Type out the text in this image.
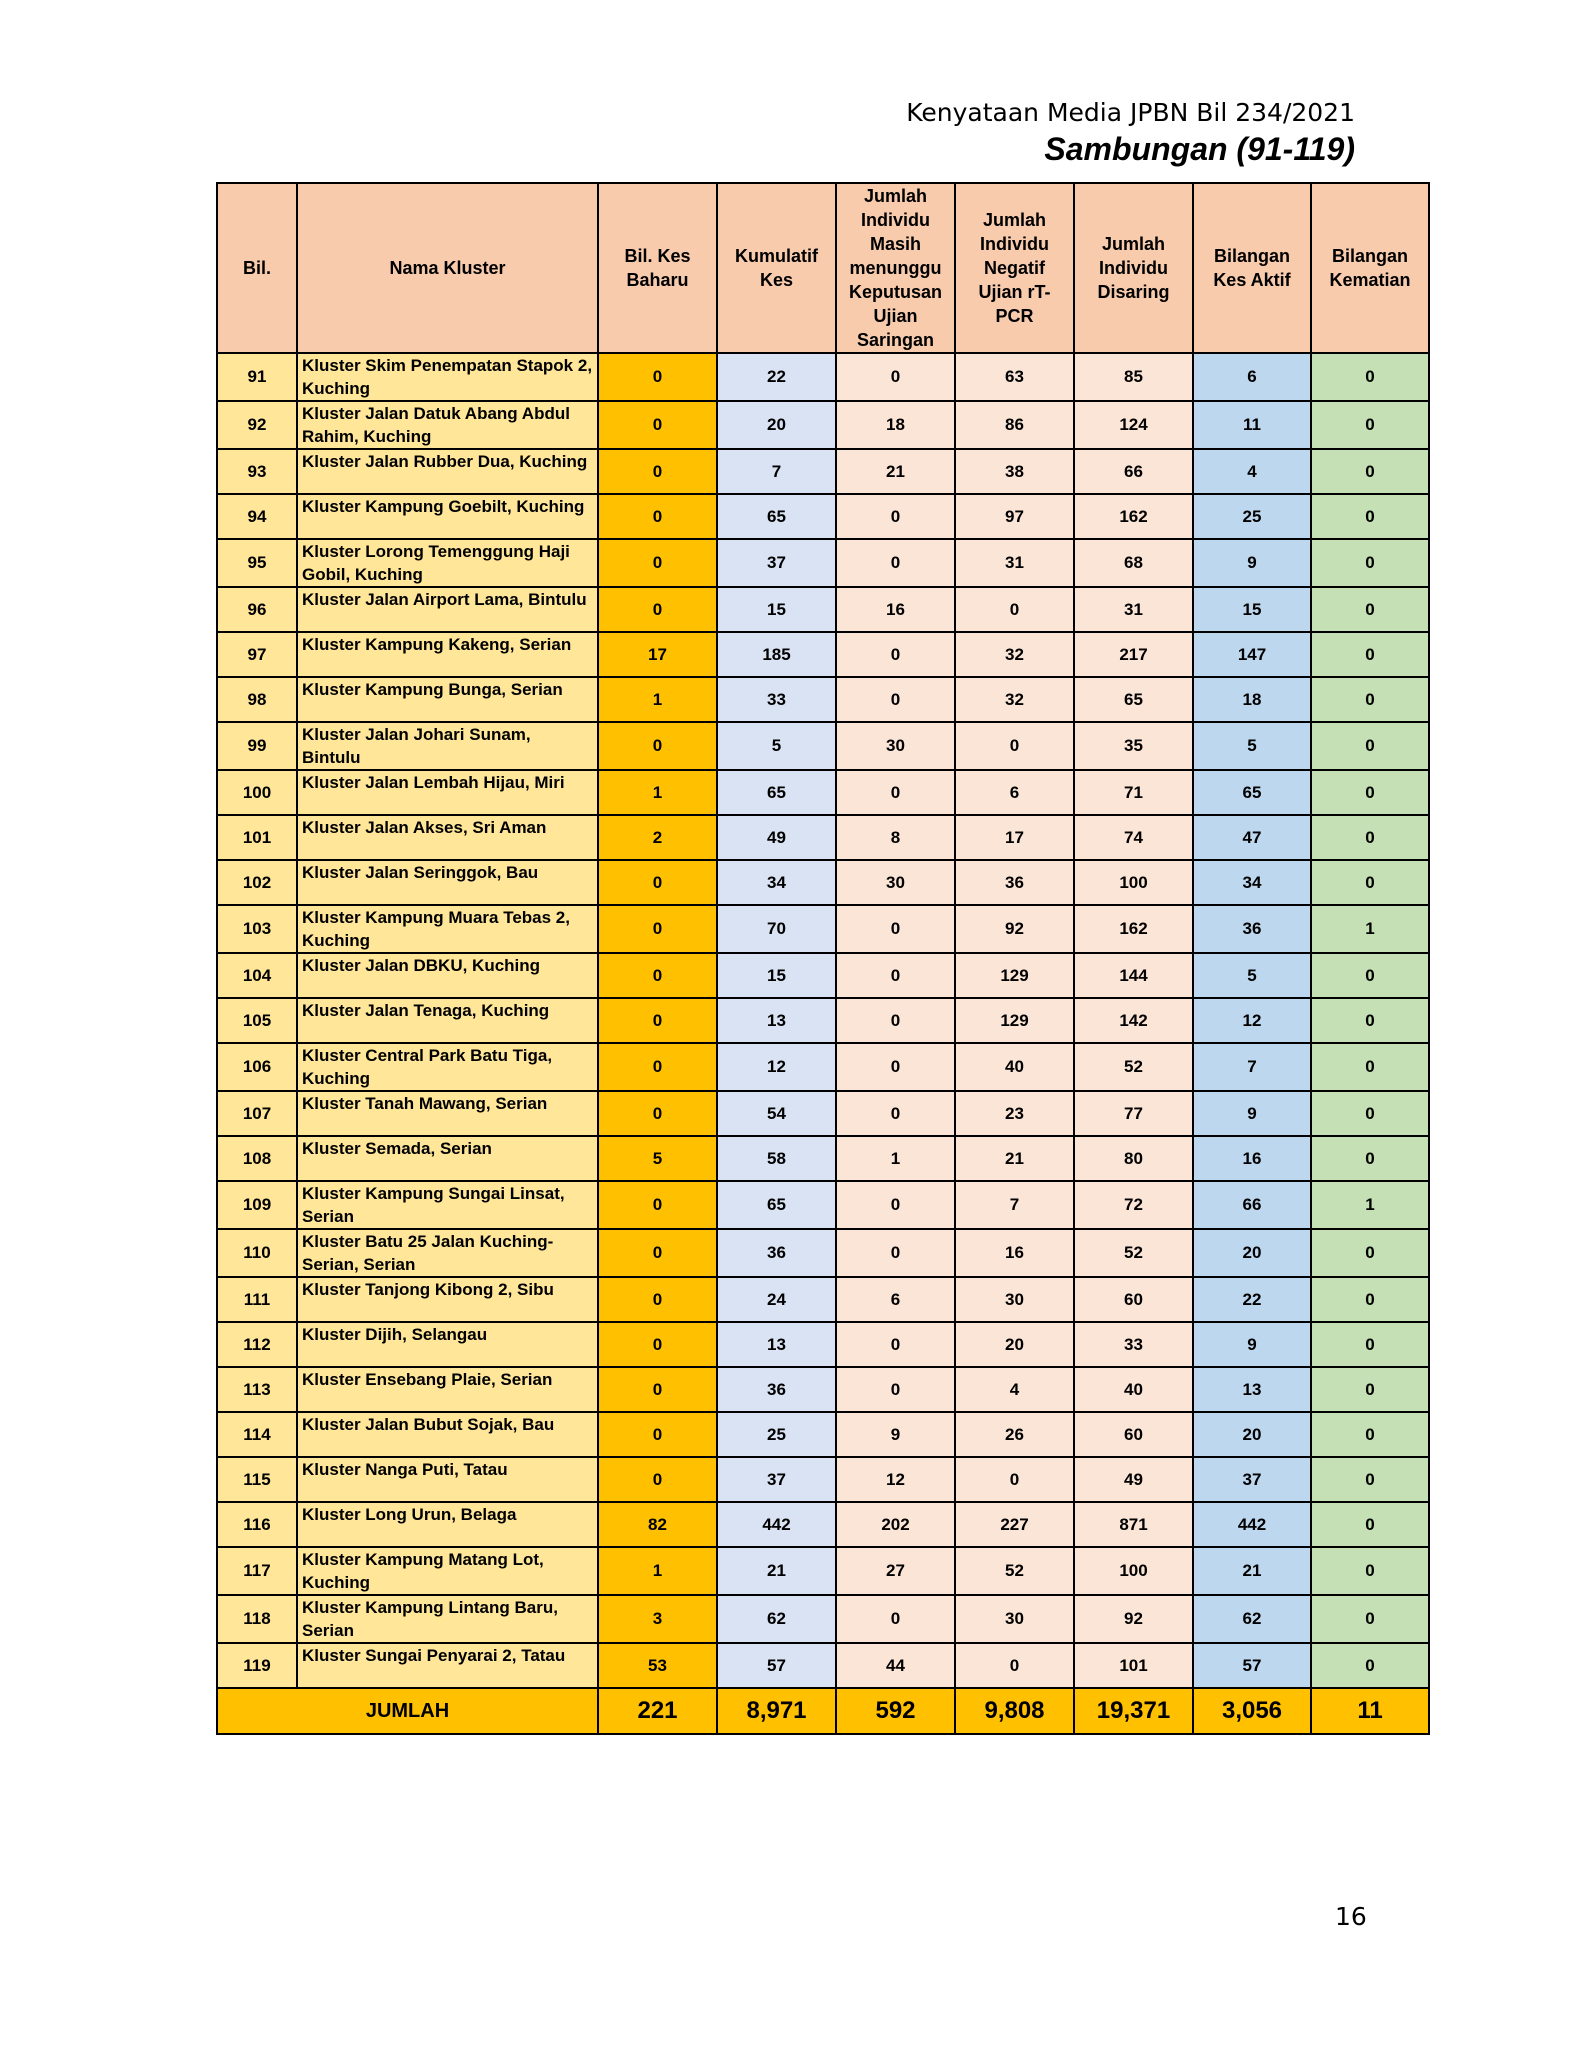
Kenyataan Media JPBN Bil 234/2021
Sambungan (91-119)
Bil.	Nama Kluster	Bil. Kes Baharu	Kumulatif Kes	Jumlah Individu Masih menunggu Keputusan Ujian Saringan	Jumlah Individu Negatif Ujian rT-PCR	Jumlah Individu Disaring	Bilangan Kes Aktif	Bilangan Kematian
91	Kluster Skim Penempatan Stapok 2, Kuching	0	22	0	63	85	6	0
92	Kluster Jalan Datuk Abang Abdul Rahim, Kuching	0	20	18	86	124	11	0
93	Kluster Jalan Rubber Dua, Kuching	0	7	21	38	66	4	0
94	Kluster Kampung Goebilt, Kuching	0	65	0	97	162	25	0
95	Kluster Lorong Temenggung Haji Gobil, Kuching	0	37	0	31	68	9	0
96	Kluster Jalan Airport Lama, Bintulu	0	15	16	0	31	15	0
97	Kluster Kampung Kakeng, Serian	17	185	0	32	217	147	0
98	Kluster Kampung Bunga, Serian	1	33	0	32	65	18	0
99	Kluster Jalan Johari Sunam, Bintulu	0	5	30	0	35	5	0
100	Kluster Jalan Lembah Hijau, Miri	1	65	0	6	71	65	0
101	Kluster Jalan Akses, Sri Aman	2	49	8	17	74	47	0
102	Kluster Jalan Seringgok, Bau	0	34	30	36	100	34	0
103	Kluster Kampung Muara Tebas 2, Kuching	0	70	0	92	162	36	1
104	Kluster Jalan DBKU, Kuching	0	15	0	129	144	5	0
105	Kluster Jalan Tenaga, Kuching	0	13	0	129	142	12	0
106	Kluster Central Park Batu Tiga, Kuching	0	12	0	40	52	7	0
107	Kluster Tanah Mawang, Serian	0	54	0	23	77	9	0
108	Kluster Semada, Serian	5	58	1	21	80	16	0
109	Kluster Kampung Sungai Linsat, Serian	0	65	0	7	72	66	1
110	Kluster Batu 25 Jalan Kuching-Serian, Serian	0	36	0	16	52	20	0
111	Kluster Tanjong Kibong 2, Sibu	0	24	6	30	60	22	0
112	Kluster Dijih, Selangau	0	13	0	20	33	9	0
113	Kluster Ensebang Plaie, Serian	0	36	0	4	40	13	0
114	Kluster Jalan Bubut Sojak, Bau	0	25	9	26	60	20	0
115	Kluster Nanga Puti, Tatau	0	37	12	0	49	37	0
116	Kluster Long Urun, Belaga	82	442	202	227	871	442	0
117	Kluster Kampung Matang Lot, Kuching	1	21	27	52	100	21	0
118	Kluster Kampung Lintang Baru, Serian	3	62	0	30	92	62	0
119	Kluster Sungai Penyarai 2, Tatau	53	57	44	0	101	57	0
JUMLAH		221	8,971	592	9,808	19,371	3,056	11
16
